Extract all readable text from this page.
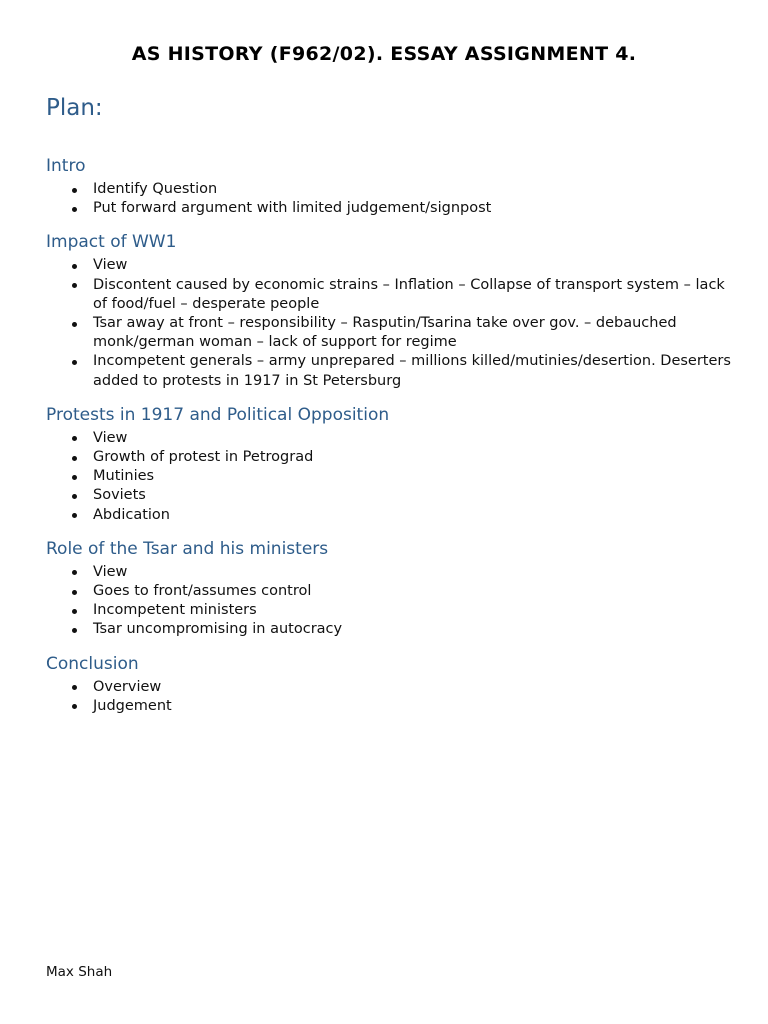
AS HISTORY (F962/02). ESSAY ASSIGNMENT 4.
Plan:
Intro
Identify Question
Put forward argument with limited judgement/signpost
Impact of WW1
View
Discontent caused by economic strains – Inflation – Collapse of transport system – lack of food/fuel – desperate people
Tsar away at front – responsibility – Rasputin/Tsarina take over gov. – debauched monk/german woman – lack of support for regime
Incompetent generals – army unprepared – millions killed/mutinies/desertion. Deserters added to protests in 1917 in St Petersburg
Protests in 1917 and Political Opposition
View
Growth of protest in Petrograd
Mutinies
Soviets
Abdication
Role of the Tsar and his ministers
View
Goes to front/assumes control
Incompetent ministers
Tsar uncompromising in autocracy
Conclusion
Overview
Judgement
Max Shah
